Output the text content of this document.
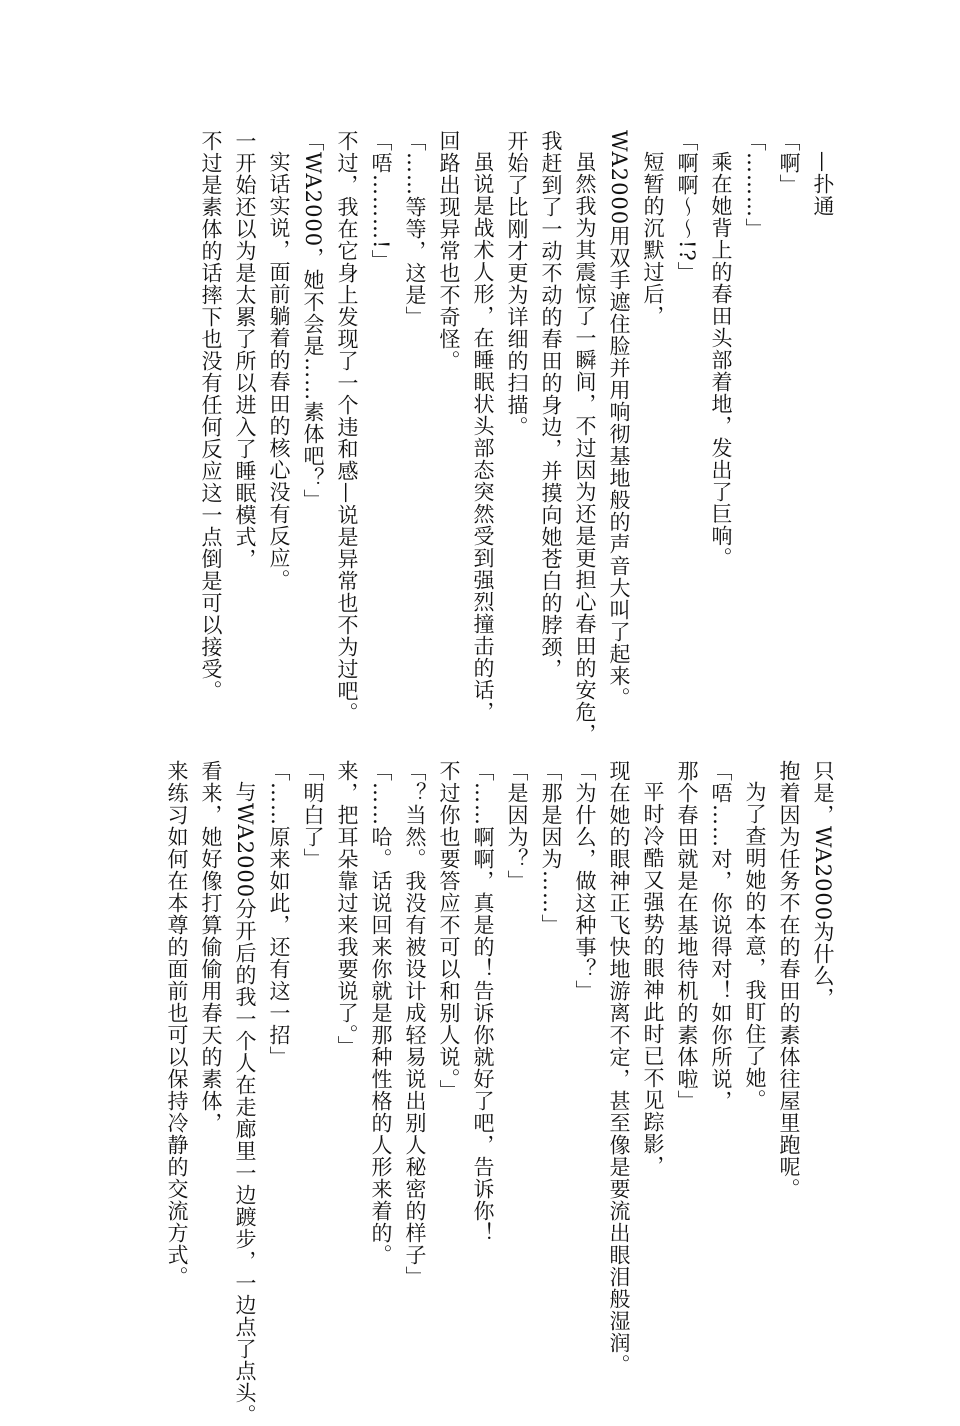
—扑通
「啊」
「………」
乘在她背上的春田头部着地，发出了巨响。
「啊啊～～!?」
短暂的沉默过后，
WA2000用双手遮住脸并用响彻基地般的声音大叫了起来。
虽然我为其震惊了一瞬间，不过因为还是更担心春田的安危，
我赶到了一动不动的春田的身边，并摸向她苍白的脖颈，
开始了比刚才更为详细的扫描。
虽说是战术人形，在睡眠状头部态突然受到强烈撞击的话，
回路出现异常也不奇怪。
「……等等，这是」
「唔………!」
不过，我在它身上发现了一个违和感—说是异常也不为过吧。
「WA2000，她不会是……素体吧？」
实话实说，面前躺着的春田的核心没有反应。
一开始还以为是太累了所以进入了睡眠模式，
不过是素体的话摔下也没有任何反应这一点倒是可以接受。
只是，WA2000为什么，
抱着因为任务不在的春田的素体往屋里跑呢。
为了查明她的本意，我盯住了她。
「唔……对，你说得对！如你所说，
那个春田就是在基地待机的素体啦」
平时冷酷又强势的眼神此时已不见踪影，
现在她的眼神正飞快地游离不定，甚至像是要流出眼泪般湿润。
「为什么，做这种事？」
「那是因为……」
「是因为？」
「……啊啊，真是的！告诉你就好了吧，告诉你！
不过你也要答应不可以和别人说。」
「？当然。我没有被设计成轻易说出别人秘密的样子」
「……哈。话说回来你就是那种性格的人形来着的。
来，把耳朵靠过来我要说了。」
「明白了」
「……原来如此，还有这一招」
与WA2000分开后的我一个人在走廊里一边踱步，一边点了点头。
看来，她好像打算偷偷用春天的素体，
来练习如何在本尊的面前也可以保持冷静的交流方式。
